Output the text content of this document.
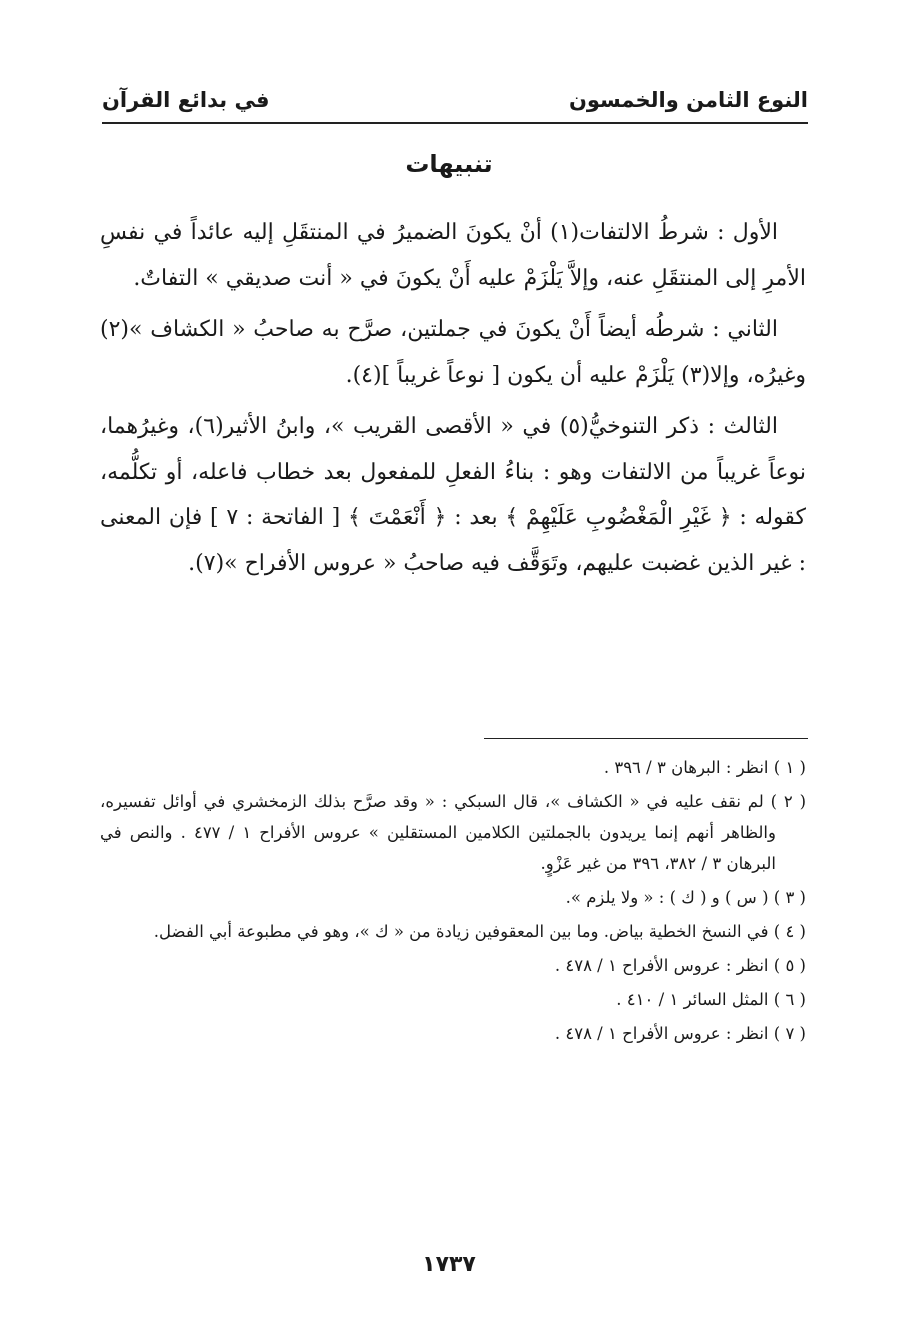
النوع الثامن والخمسون
في بدائع القرآن
تنبيهات

الأول : شرطُ الالتفات(١) أنْ يكونَ الضميرُ في المنتقَلِ إليه عائداً في نفسِ الأمرِ إلى المنتقَلِ عنه، وإلاَّ يَلْزَمْ عليه أَنْ يكونَ في « أنت صديقي » التفاتٌ.

الثاني : شرطُه أيضاً أَنْ يكونَ في جملتين، صرَّح به صاحبُ « الكشاف »(٢) وغيرُه، وإلا(٣) يَلْزَمْ عليه أن يكون [ نوعاً غريباً ](٤).

الثالث : ذكر التنوخيُّ(٥) في « الأقصى القريب »، وابنُ الأثير(٦)، وغيرُهما، نوعاً غريباً من الالتفات وهو : بناءُ الفعلِ للمفعول بعد خطاب فاعله، أو تكلُّمه، كقوله : ﴿ غَيْرِ الْمَغْضُوبِ عَلَيْهِمْ ﴾ بعد : ﴿ أَنْعَمْتَ ﴾ [ الفاتحة : ٧ ] فإن المعنى : غير الذين غضبت عليهم، وتَوَقَّف فيه صاحبُ « عروس الأفراح »(٧).

( ١ ) انظر : البرهان ٣ / ٣٩٦ .

( ٢ ) لم نقف عليه في « الكشاف »، قال السبكي : « وقد صرَّح بذلك الزمخشري في أوائل تفسيره، والظاهر أنهم إنما يريدون بالجملتين الكلامين المستقلين » عروس الأفراح ١ / ٤٧٧ . والنص في البرهان ٣ / ٣٨٢، ٣٩٦ من غير عَزْوٍ.

( ٣ ) ( س ) و ( ك ) : « ولا يلزم ».

( ٤ ) في النسخ الخطية بياض. وما بين المعقوفين زيادة من « ك »، وهو في مطبوعة أبي الفضل.

( ٥ ) انظر : عروس الأفراح ١ / ٤٧٨ .

( ٦ ) المثل السائر ١ / ٤١٠ .

( ٧ ) انظر : عروس الأفراح ١ / ٤٧٨ .

١٧٣٧
